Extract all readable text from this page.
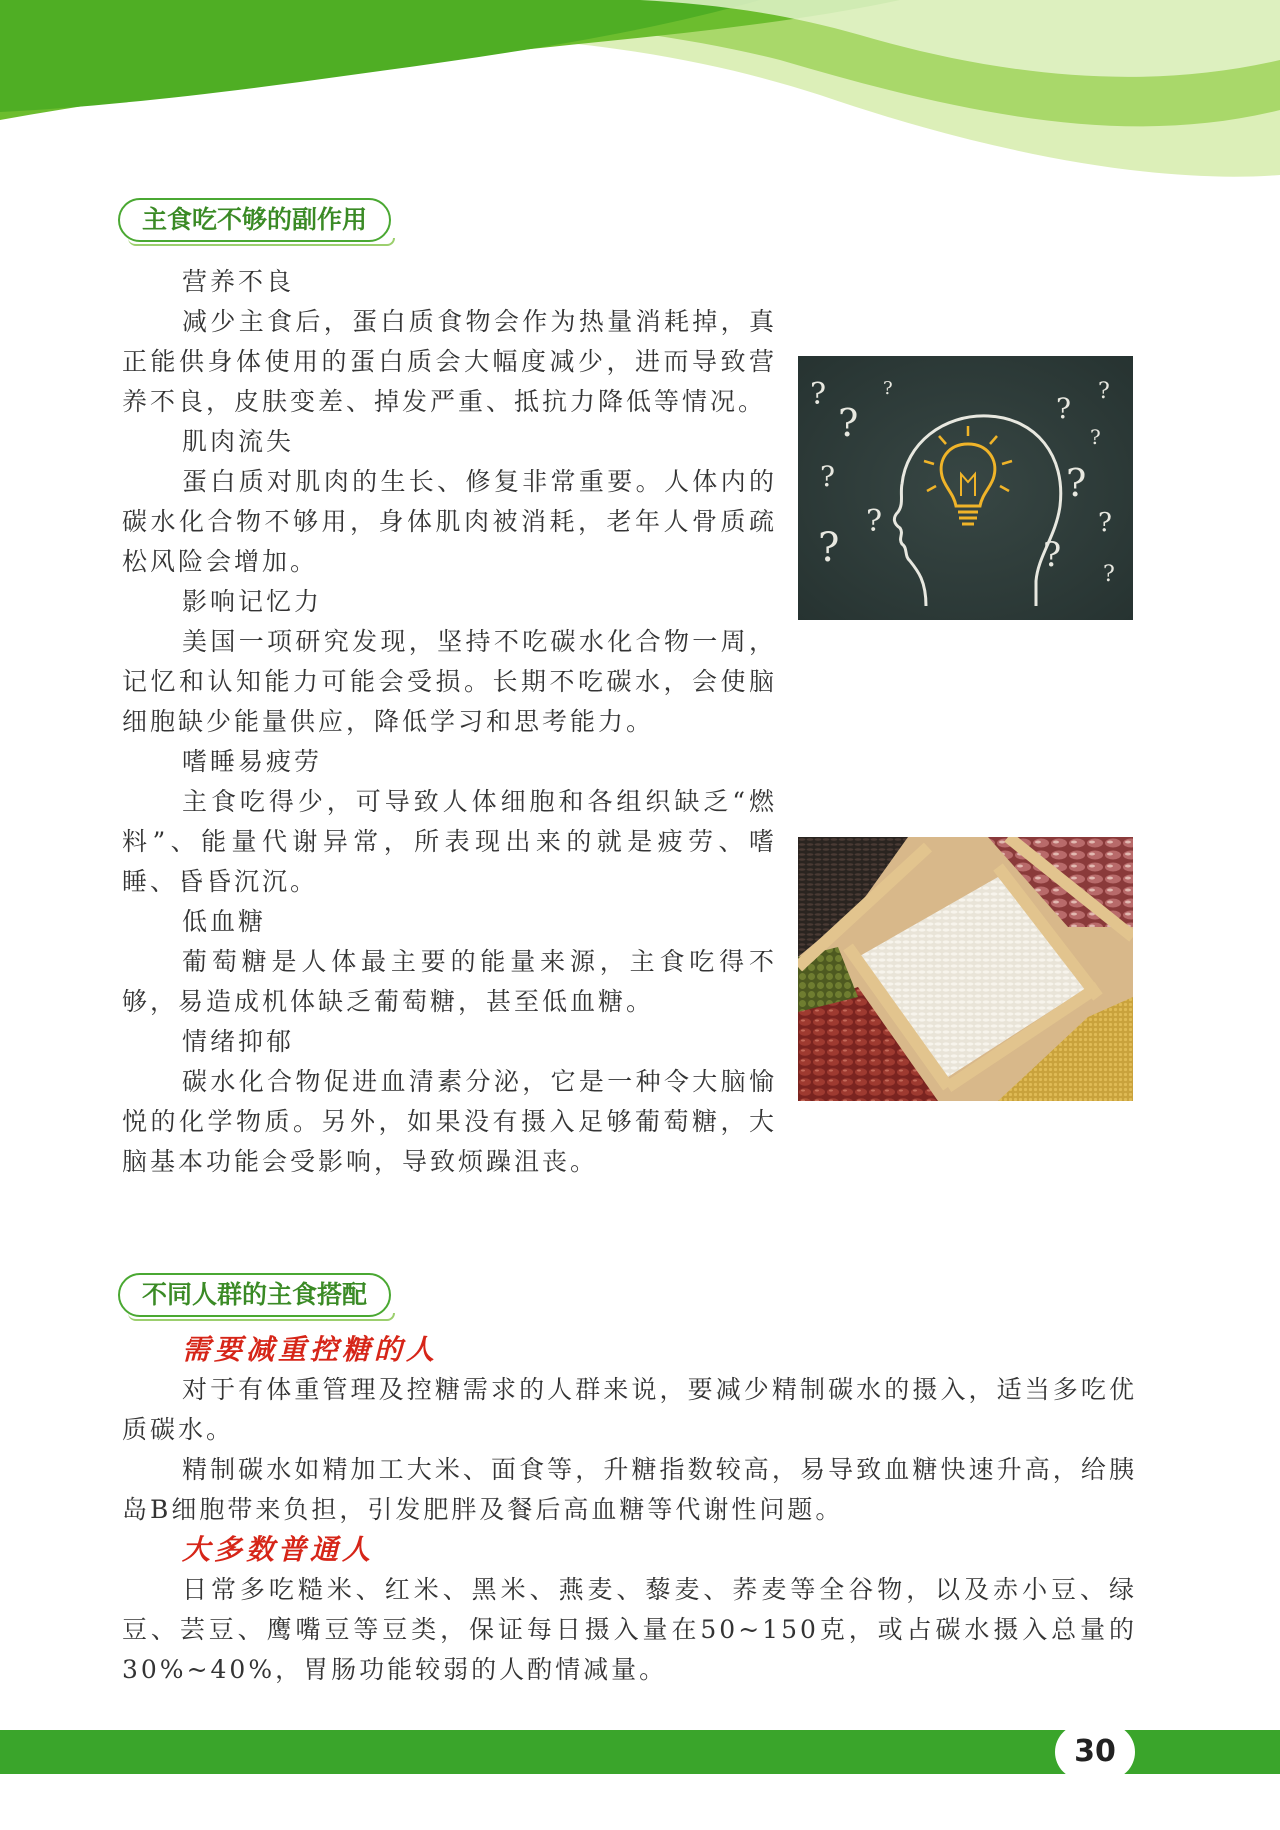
主食吃不够的副作用
营养不良

减少主食后，蛋白质食物会作为热量消耗掉，真正能供身体使用的蛋白质会大幅度减少，进而导致营养不良，皮肤变差、掉发严重、抵抗力降低等情况。

肌肉流失

蛋白质对肌肉的生长、修复非常重要。人体内的碳水化合物不够用，身体肌肉被消耗，老年人骨质疏松风险会增加。

影响记忆力

美国一项研究发现，坚持不吃碳水化合物一周，记忆和认知能力可能会受损。长期不吃碳水，会使脑细胞缺少能量供应，降低学习和思考能力。

嗜睡易疲劳

主食吃得少，可导致人体细胞和各组织缺乏“燃料”、能量代谢异常，所表现出来的就是疲劳、嗜睡、昏昏沉沉。

低血糖

葡萄糖是人体最主要的能量来源，主食吃得不够，易造成机体缺乏葡萄糖，甚至低血糖。

情绪抑郁

碳水化合物促进血清素分泌，它是一种令大脑愉悦的化学物质。另外，如果没有摄入足够葡萄糖，大脑基本功能会受影响，导致烦躁沮丧。

?
?
?
?
?
?
?
?
?
?
?
? ?
不同人群的主食搭配
需要减重控糖的人

对于有体重管理及控糖需求的人群来说，要减少精制碳水的摄入，适当多吃优质碳水。

精制碳水如精加工大米、面食等，升糖指数较高，易导致血糖快速升高，给胰岛B细胞带来负担，引发肥胖及餐后高血糖等代谢性问题。

大多数普通人

日常多吃糙米、红米、黑米、燕麦、藜麦、荞麦等全谷物，以及赤小豆、绿豆、芸豆、鹰嘴豆等豆类，保证每日摄入量在50~150克，或占碳水摄入总量的30%~40%，胃肠功能较弱的人酌情减量。

30
